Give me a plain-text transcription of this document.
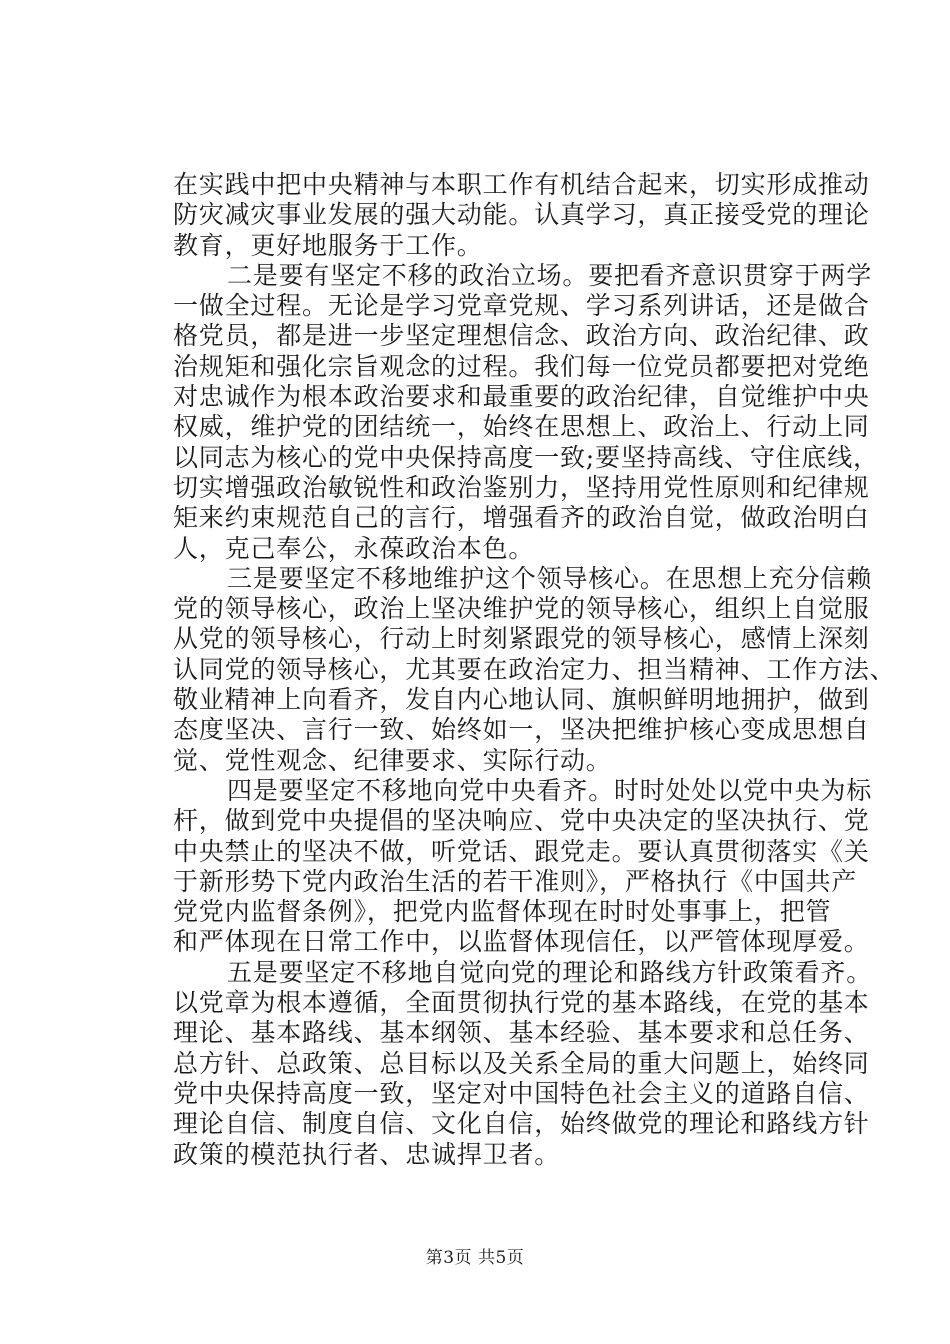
在实践中把中央精神与本职工作有机结合起来，切实形成推动
防灾减灾事业发展的强大动能。认真学习，真正接受党的理论
教育，更好地服务于工作。
二是要有坚定不移的政治立场。要把看齐意识贯穿于两学
一做全过程。无论是学习党章党规、学习系列讲话，还是做合
格党员，都是进一步坚定理想信念、政治方向、政治纪律、政
治规矩和强化宗旨观念的过程。我们每一位党员都要把对党绝
对忠诚作为根本政治要求和最重要的政治纪律，自觉维护中央
权威，维护党的团结统一，始终在思想上、政治上、行动上同
以同志为核心的党中央保持高度一致;要坚持高线、守住底线，
切实增强政治敏锐性和政治鉴别力，坚持用党性原则和纪律规
矩来约束规范自己的言行，增强看齐的政治自觉，做政治明白
人，克己奉公，永葆政治本色。
三是要坚定不移地维护这个领导核心。在思想上充分信赖
党的领导核心，政治上坚决维护党的领导核心，组织上自觉服
从党的领导核心，行动上时刻紧跟党的领导核心，感情上深刻
认同党的领导核心，尤其要在政治定力、担当精神、工作方法、
敬业精神上向看齐，发自内心地认同、旗帜鲜明地拥护，做到
态度坚决、言行一致、始终如一，坚决把维护核心变成思想自
觉、党性观念、纪律要求、实际行动。
四是要坚定不移地向党中央看齐。时时处处以党中央为标
杆，做到党中央提倡的坚决响应、党中央决定的坚决执行、党
中央禁止的坚决不做，听党话、跟党走。要认真贯彻落实《关
于新形势下党内政治生活的若干准则》，严格执行《中国共产
党党内监督条例》，把党内监督体现在时时处事事上，把管
和严体现在日常工作中，以监督体现信任，以严管体现厚爱。
五是要坚定不移地自觉向党的理论和路线方针政策看齐。
以党章为根本遵循，全面贯彻执行党的基本路线，在党的基本
理论、基本路线、基本纲领、基本经验、基本要求和总任务、
总方针、总政策、总目标以及关系全局的重大问题上，始终同
党中央保持高度一致，坚定对中国特色社会主义的道路自信、
理论自信、制度自信、文化自信，始终做党的理论和路线方针
政策的模范执行者、忠诚捍卫者。
第3页 共5页
